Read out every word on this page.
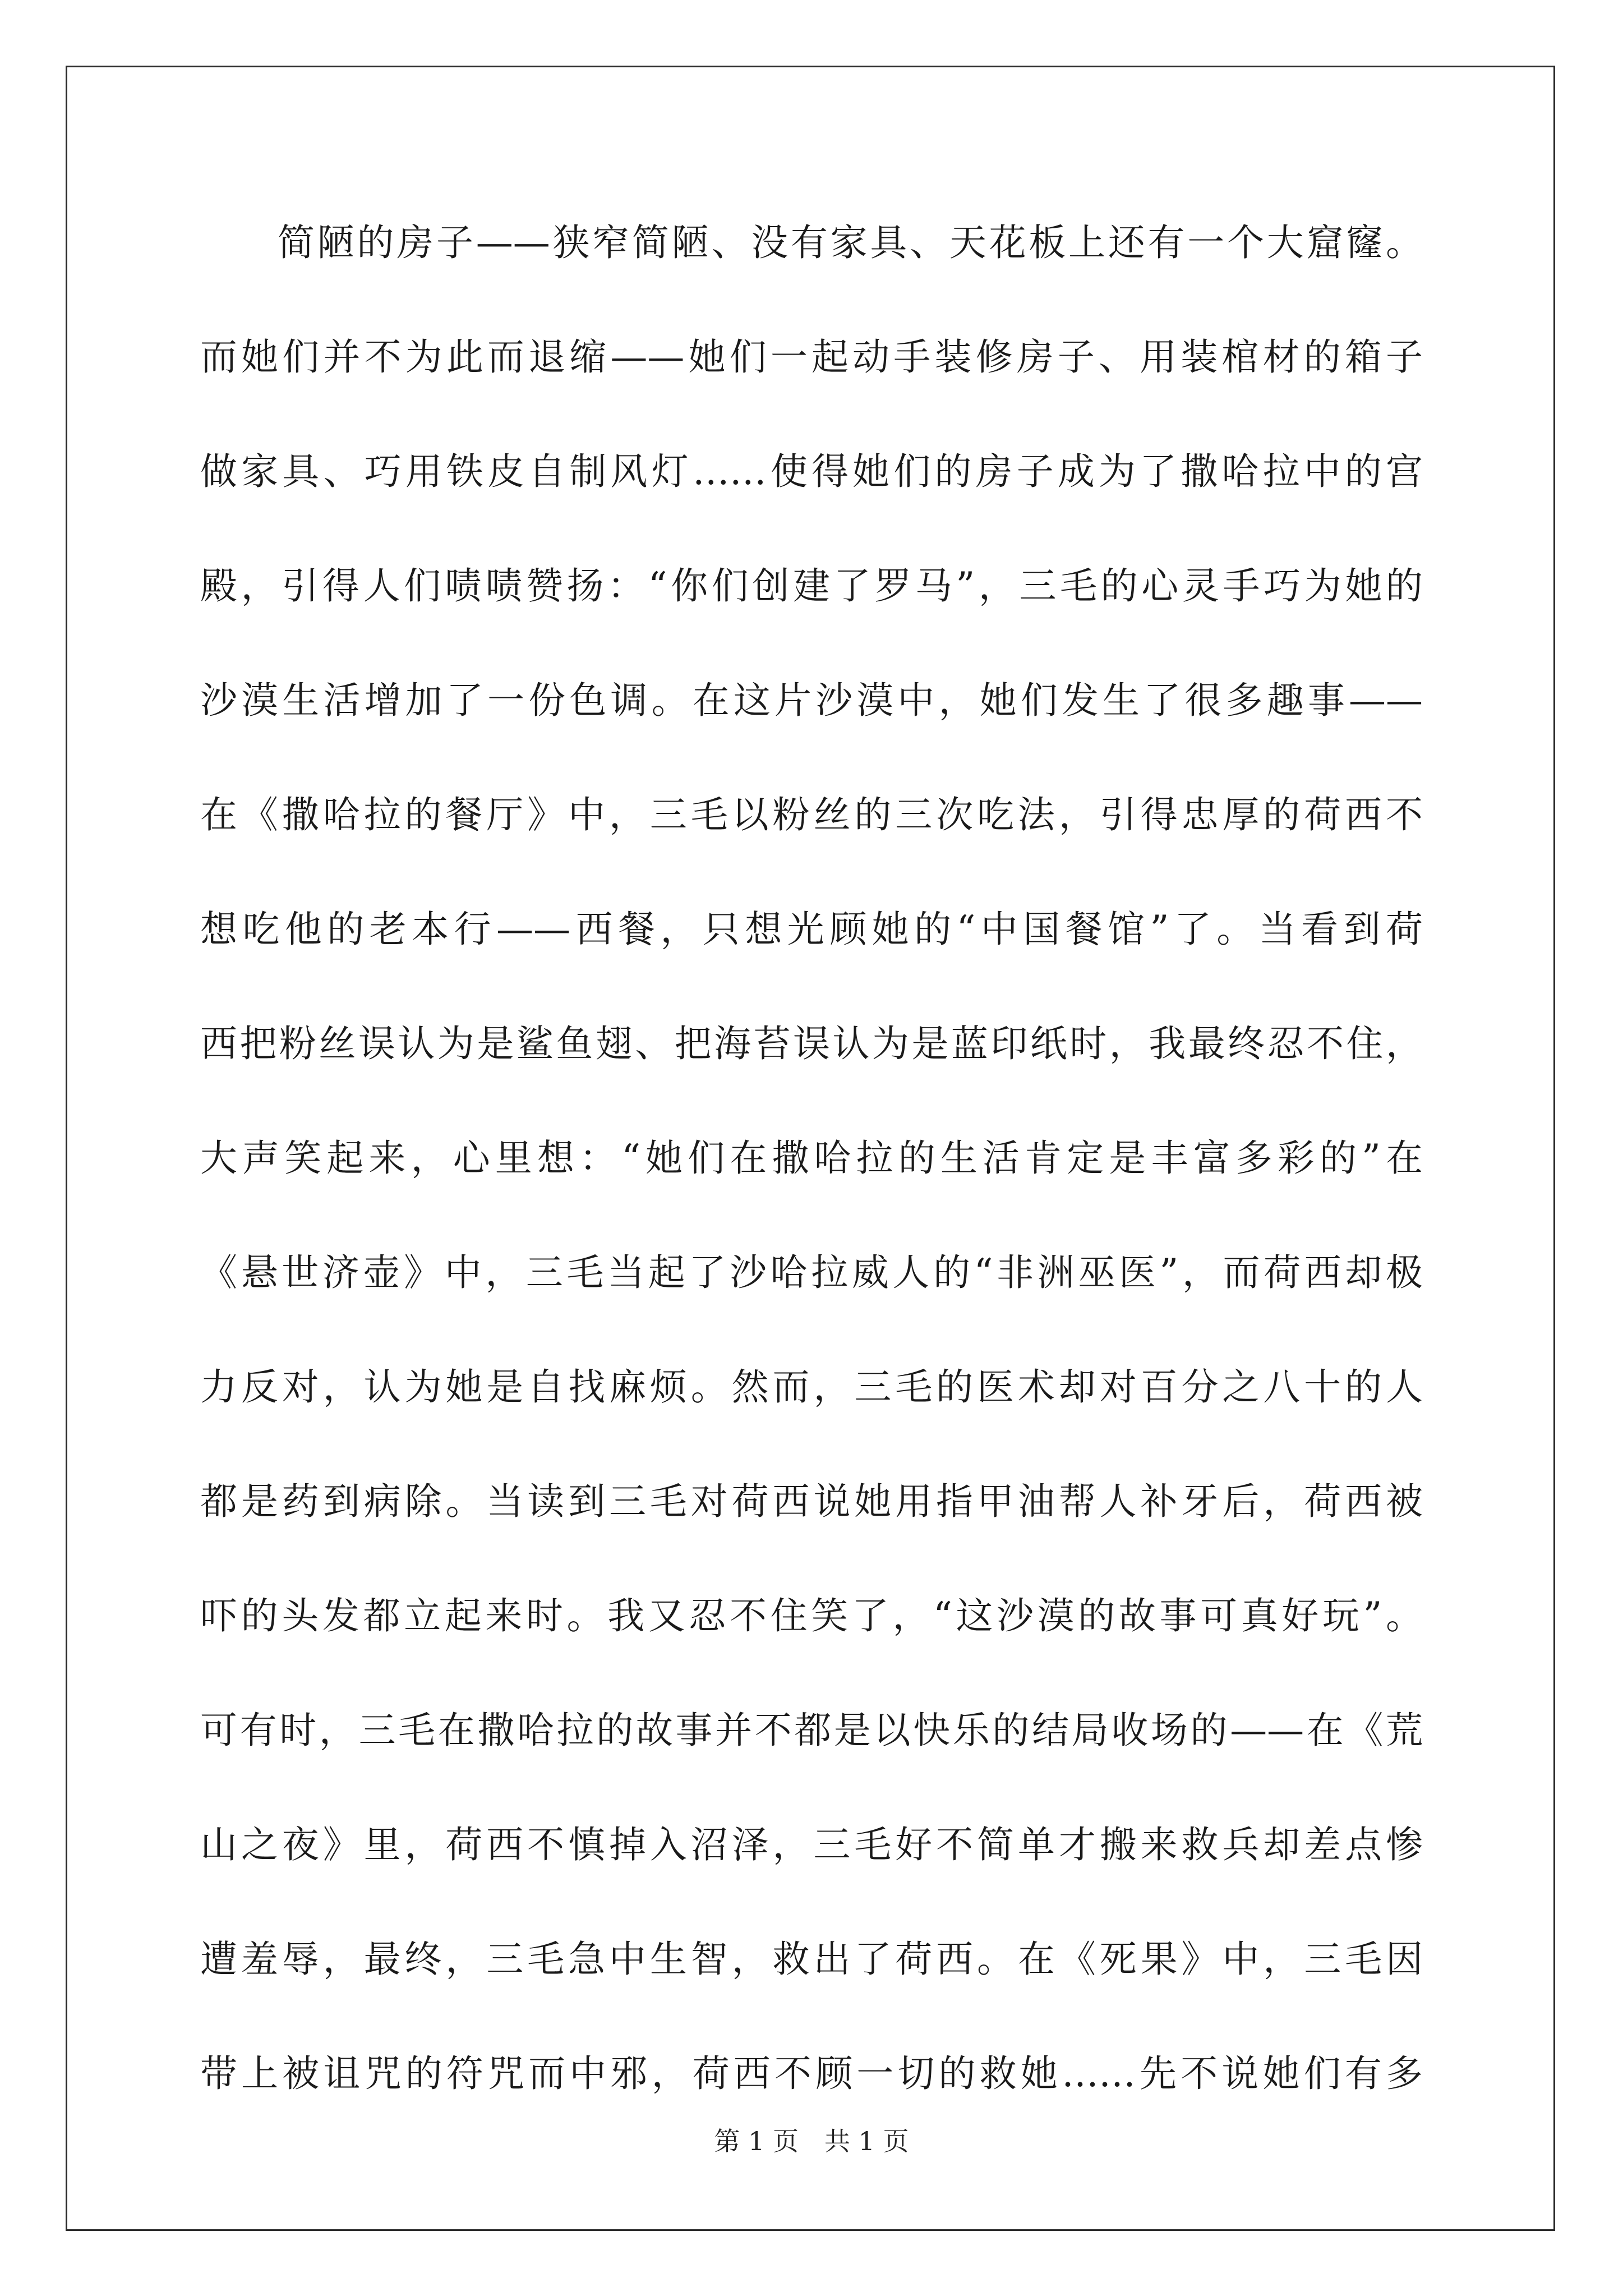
简陋的房子——狭窄简陋、没有家具、天花板上还有一个大窟窿。
而她们并不为此而退缩——她们一起动手装修房子、用装棺材的箱子
做家具、巧用铁皮自制风灯……使得她们的房子成为了撒哈拉中的宫
殿，引得人们啧啧赞扬：“你们创建了罗马”，三毛的心灵手巧为她的
沙漠生活增加了一份色调。在这片沙漠中，她们发生了很多趣事——
在《撒哈拉的餐厅》中，三毛以粉丝的三次吃法，引得忠厚的荷西不
想吃他的老本行——西餐，只想光顾她的“中国餐馆”了。当看到荷
西把粉丝误认为是鲨鱼翅、把海苔误认为是蓝印纸时，我最终忍不住，
大声笑起来，心里想：“她们在撒哈拉的生活肯定是丰富多彩的”在
《悬世济壶》中，三毛当起了沙哈拉威人的“非洲巫医”，而荷西却极
力反对，认为她是自找麻烦。然而，三毛的医术却对百分之八十的人
都是药到病除。当读到三毛对荷西说她用指甲油帮人补牙后，荷西被
吓的头发都立起来时。我又忍不住笑了，“这沙漠的故事可真好玩”。
可有时，三毛在撒哈拉的故事并不都是以快乐的结局收场的——在《荒
山之夜》里，荷西不慎掉入沼泽，三毛好不简单才搬来救兵却差点惨
遭羞辱，最终，三毛急中生智，救出了荷西。在《死果》中，三毛因
带上被诅咒的符咒而中邪，荷西不顾一切的救她……先不说她们有多
第 1 页 共 1 页
